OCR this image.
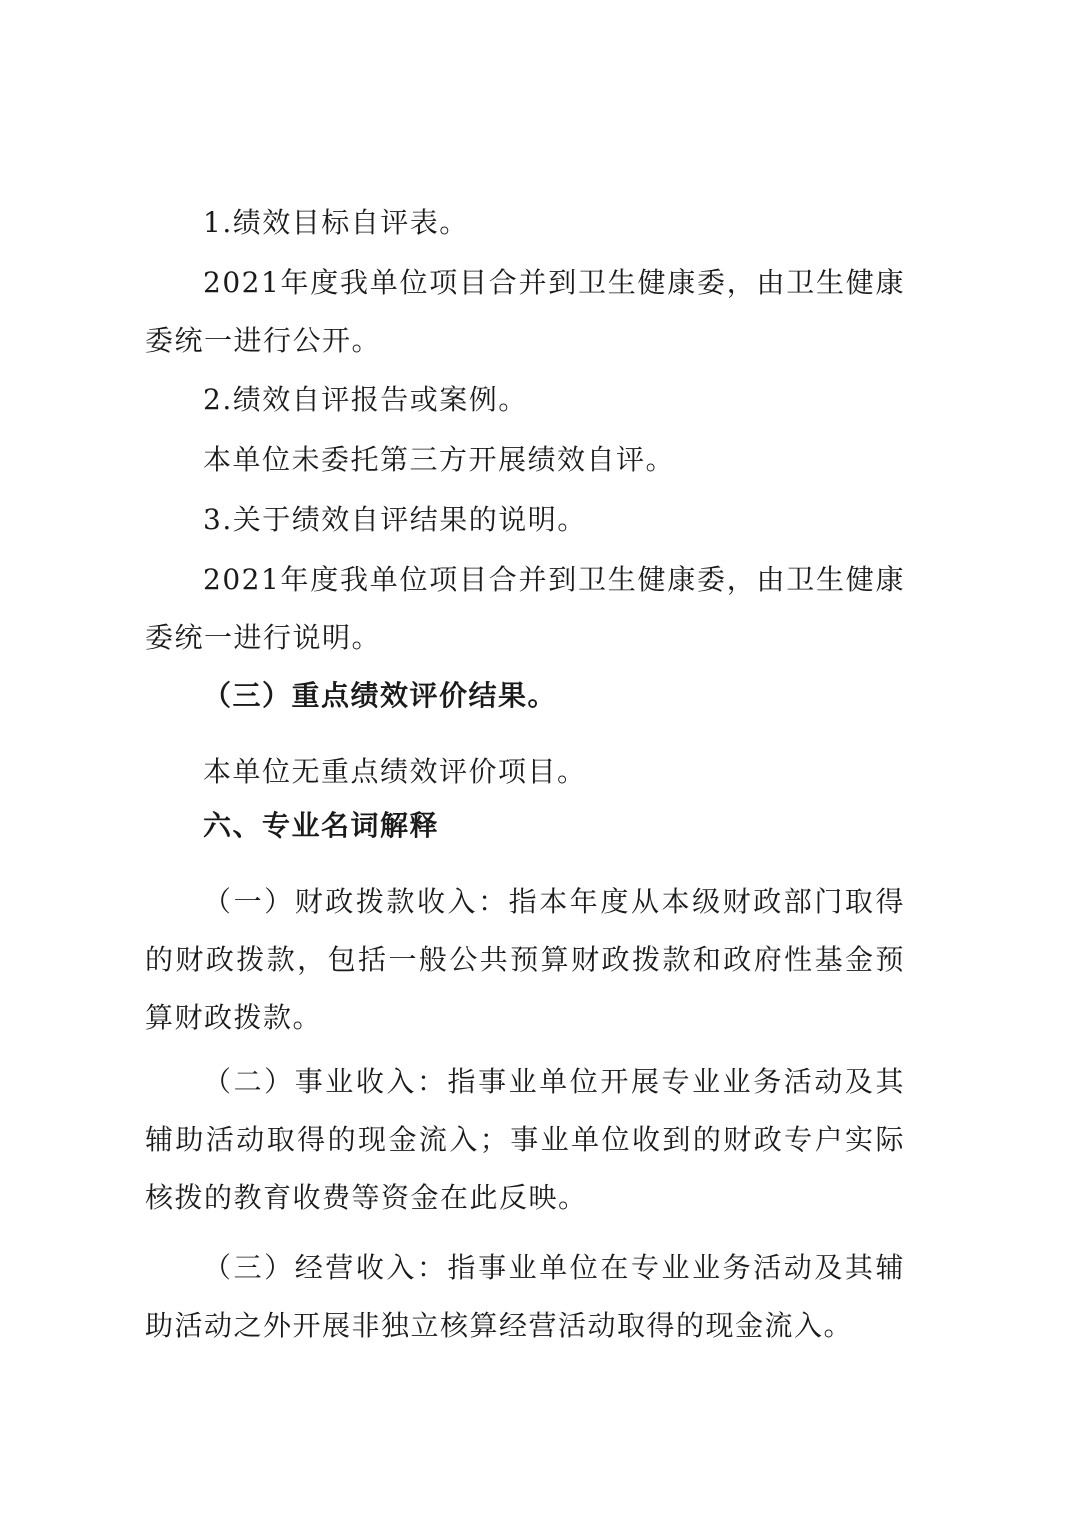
1.绩效目标自评表。

2021年度我单位项目合并到卫生健康委，由卫生健康委统一进行公开。

2.绩效自评报告或案例。

本单位未委托第三方开展绩效自评。

3.关于绩效自评结果的说明。

2021年度我单位项目合并到卫生健康委，由卫生健康委统一进行说明。

（三）重点绩效评价结果。

本单位无重点绩效评价项目。

六、专业名词解释

（一）财政拨款收入：指本年度从本级财政部门取得的财政拨款，包括一般公共预算财政拨款和政府性基金预算财政拨款。

（二）事业收入：指事业单位开展专业业务活动及其辅助活动取得的现金流入；事业单位收到的财政专户实际核拨的教育收费等资金在此反映。

（三）经营收入：指事业单位在专业业务活动及其辅助活动之外开展非独立核算经营活动取得的现金流入。
